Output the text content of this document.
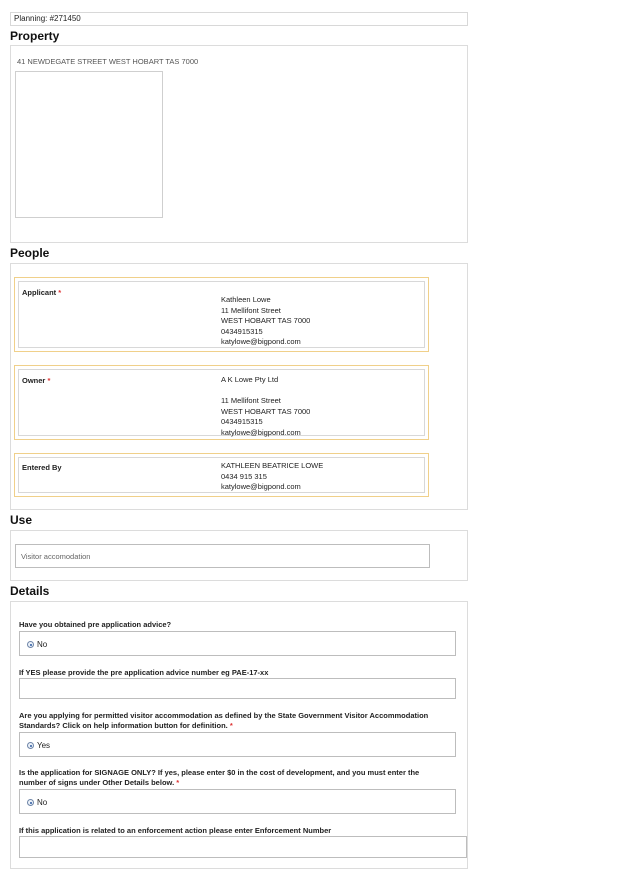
Planning: #271450
Property
41 NEWDEGATE STREET WEST HOBART TAS 7000
People
Applicant *
Kathleen Lowe
11 Mellifont Street
WEST HOBART TAS 7000
0434915315
katylowe@bigpond.com
Owner *	A K Lowe Pty Ltd
11 Mellifont Street
WEST HOBART TAS 7000
0434915315
katylowe@bigpond.com
Entered By	KATHLEEN BEATRICE LOWE
0434 915 315
katylowe@bigpond.com
Use
Visitor accomodation
Details
Have you obtained pre application advice?
No
If YES please provide the pre application advice number eg PAE-17-xx
Are you applying for permitted visitor accommodation as defined by the State Government Visitor Accommodation
Standards? Click on help information button for definition. *
Yes
Is the application for SIGNAGE ONLY? If yes, please enter $0 in the cost of development, and you must enter the
number of signs under Other Details below. *
No
If this application is related to an enforcement action please enter Enforcement Number
